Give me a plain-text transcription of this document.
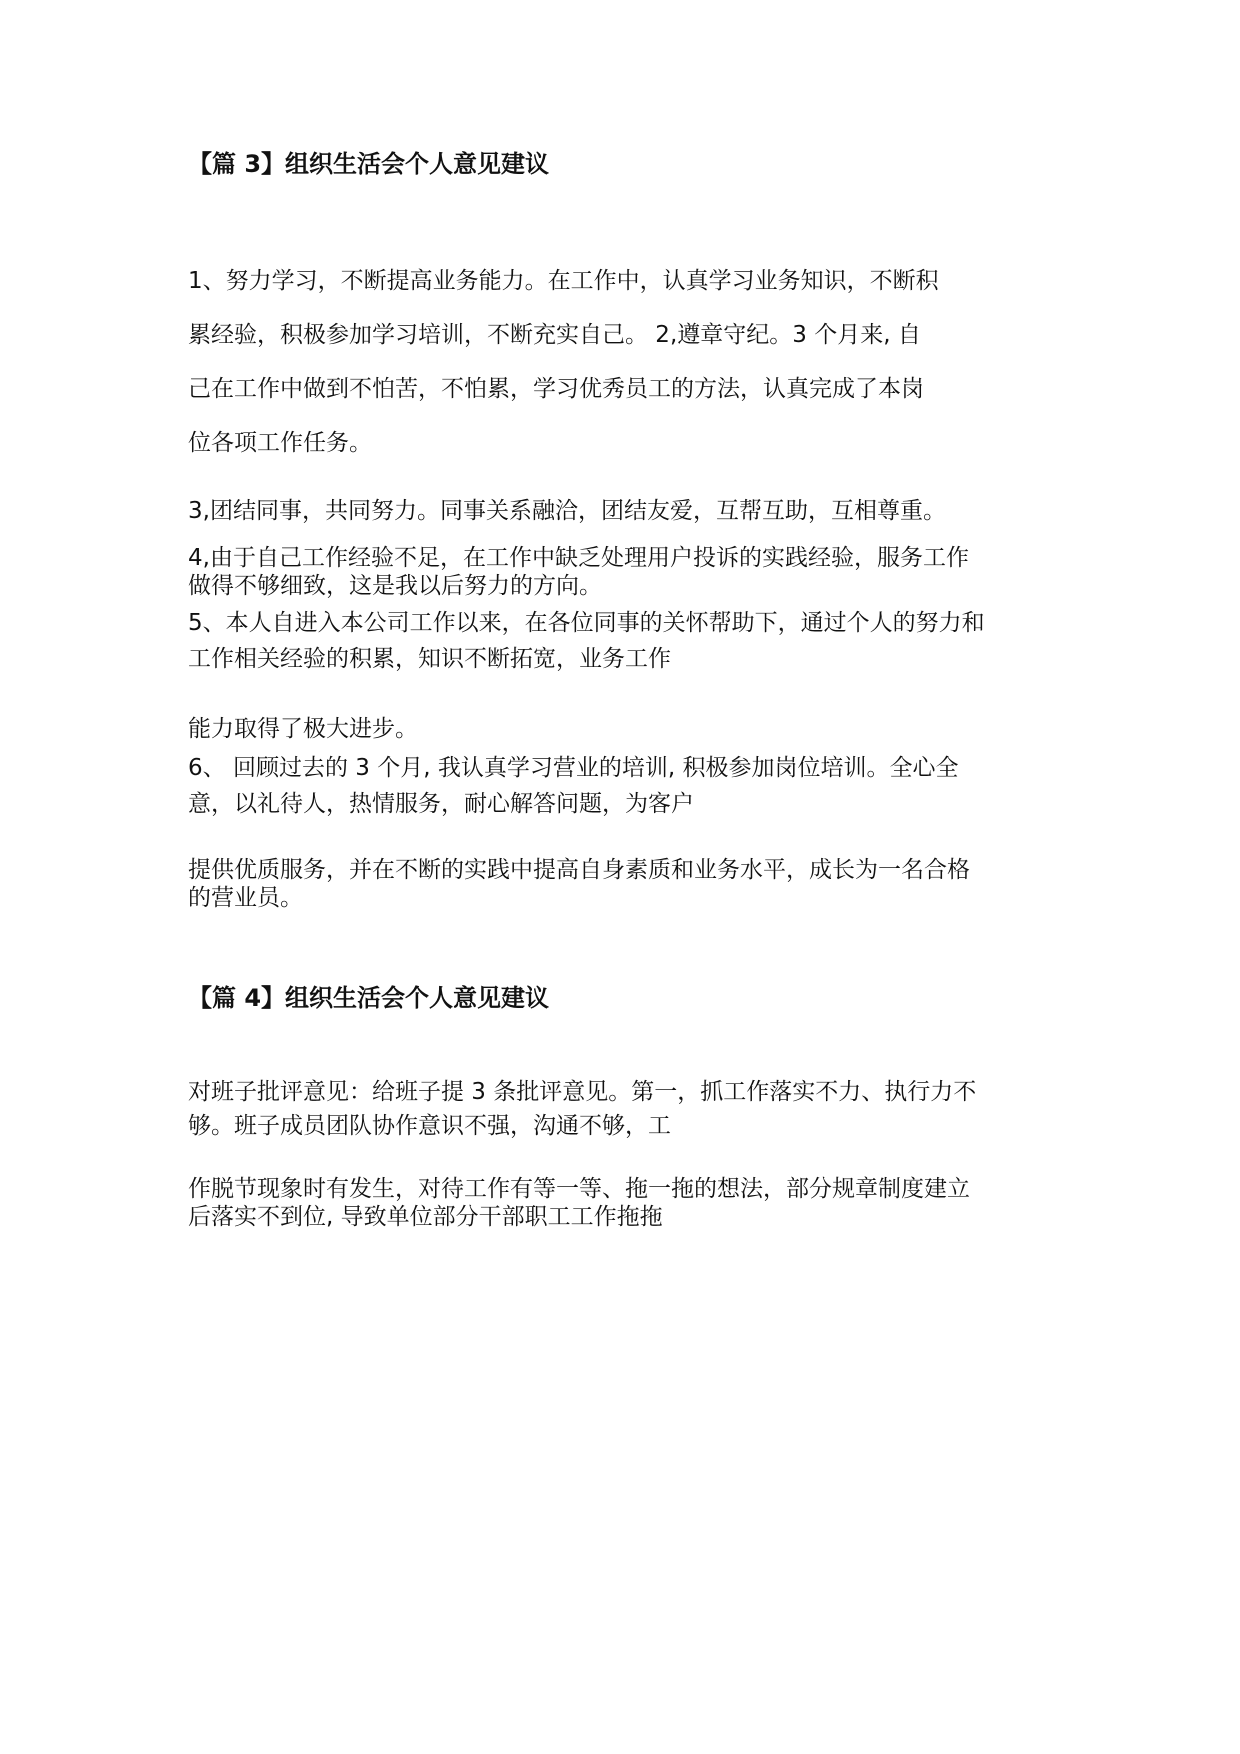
【篇 3】组织生活会个人意见建议
1、努力学习，不断提高业务能力。在工作中，认真学习业务知识，不断积
累经验，积极参加学习培训，不断充实自己。 2,遵章守纪。3 个月来, 自
己在工作中做到不怕苦，不怕累，学习优秀员工的方法，认真完成了本岗
位各项工作任务。
3,团结同事，共同努力。同事关系融洽，团结友爱，互帮互助，互相尊重。
4,由于自己工作经验不足，在工作中缺乏处理用户投诉的实践经验，服务工作
做得不够细致，这是我以后努力的方向。
5、本人自进入本公司工作以来，在各位同事的关怀帮助下，通过个人的努力和
工作相关经验的积累，知识不断拓宽，业务工作
能力取得了极大进步。
6、 回顾过去的 3 个月, 我认真学习营业的培训, 积极参加岗位培训。全心全
意，以礼待人，热情服务，耐心解答问题，为客户
提供优质服务，并在不断的实践中提高自身素质和业务水平，成长为一名合格
的营业员。
【篇 4】组织生活会个人意见建议
对班子批评意见：给班子提 3 条批评意见。第一，抓工作落实不力、执行力不
够。班子成员团队协作意识不强，沟通不够，工
作脱节现象时有发生，对待工作有等一等、拖一拖的想法，部分规章制度建立
后落实不到位, 导致单位部分干部职工工作拖拖
